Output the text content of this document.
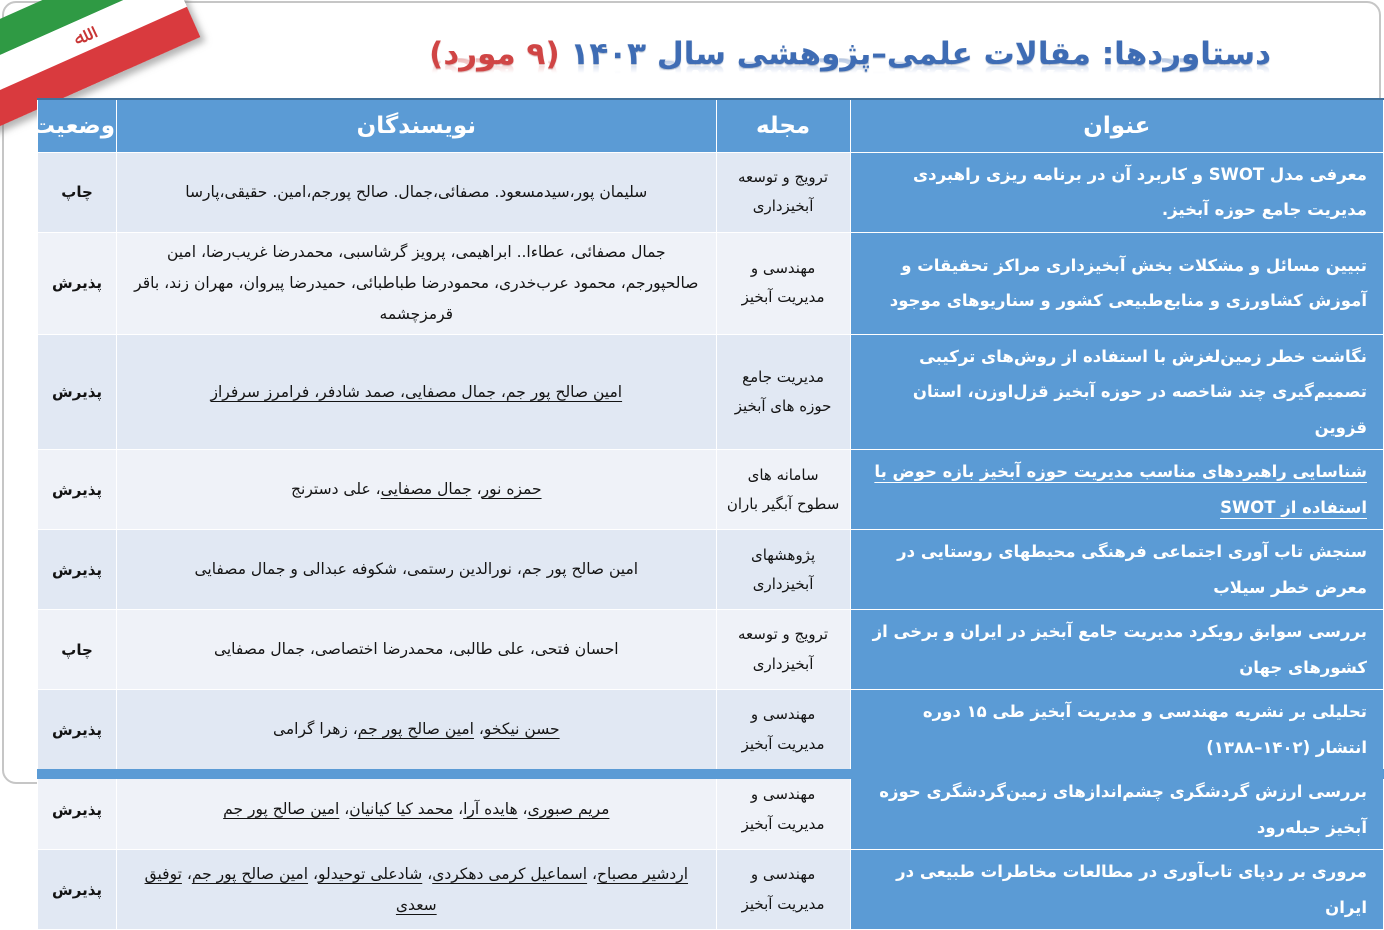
ﷲ	دستاوردها: مقالات علمی–پژوهشی سال ۱۴۰۳ (۹ مورد)
عنوان	مجله	نویسندگان	وضعیت
معرفی مدل SWOT و کاربرد آن در برنامه ریزی راهبردی مدیریت جامع حوزه آبخیز.	ترویج و توسعه آبخیزداری	سلیمان پور،سیدمسعود. مصفائی،جمال. صالح پورجم،امین. حقیقی،پارسا	چاپ
تبیین مسائل و مشکلات بخش آبخیزداری مراکز تحقیقات و آموزش کشاورزی و منابع‌طبیعی کشور و سناریوهای موجود	مهندسی و مدیریت آبخیز	جمال مصفائی، عطاءا.. ابراهیمی، پرویز گرشاسبی، محمدرضا غریب‌رضا، امین صالحپورجم، محمود عرب‌خدری، محمودرضا طباطبائی، حمیدرضا پیروان، مهران زند، باقر قرمزچشمه	پذیرش
نگاشت خطر زمین‌لغزش با استفاده از روش‌های ترکیبی تصمیم‌گیری چند شاخصه در حوزه آبخیز قزل‌اوزن، استان قزوین	مدیریت جامع حوزه های آبخیز	امین صالح پور جم، جمال مصفایی، صمد شادفر، فرامرز سرفراز	پذیرش
شناسایی راهبردهای مناسب مدیریت حوزه آبخیز بازه حوض با استفاده از SWOT	سامانه های سطوح آبگیر باران	حمزه نور، جمال مصفایی، علی دسترنج	پذیرش
سنجش تاب آوری اجتماعی فرهنگی محیطهای روستایی در معرض خطر سیلاب	پژوهشهای آبخیزداری	امین صالح پور جم، نورالدین رستمی، شکوفه عبدالی و جمال مصفایی	پذیرش
بررسی سوابق رویکرد مدیریت جامع آبخیز در ایران و برخی از کشورهای جهان	ترویج و توسعه آبخیزداری	احسان فتحی، علی طالبی، محمدرضا اختصاصی، جمال مصفایی	چاپ
تحلیلی بر نشریه مهندسی و مدیریت آبخیز طی ۱۵ دوره انتشار (۱۴۰۲–۱۳۸۸)	مهندسی و مدیریت آبخیز	حسن نیکخو، امین صالح پور جم، زهرا گرامی	پذیرش
بررسی ارزش گردشگری چشم‌اندازهای زمین‌گردشگری حوزه آبخیز حبله‌رود	مهندسی و مدیریت آبخیز	مریم صبوری، هایده آرا، محمد کیا کیانیان، امین صالح پور جم	پذیرش
مروری بر ردپای تاب‌آوری در مطالعات مخاطرات طبیعی در ایران	مهندسی و مدیریت آبخیز	اردشیر مصباح، اسماعیل کرمی دهکردی، شادعلی توحیدلو، امین صالح پور جم، توفیق سعدی	پذیرش
